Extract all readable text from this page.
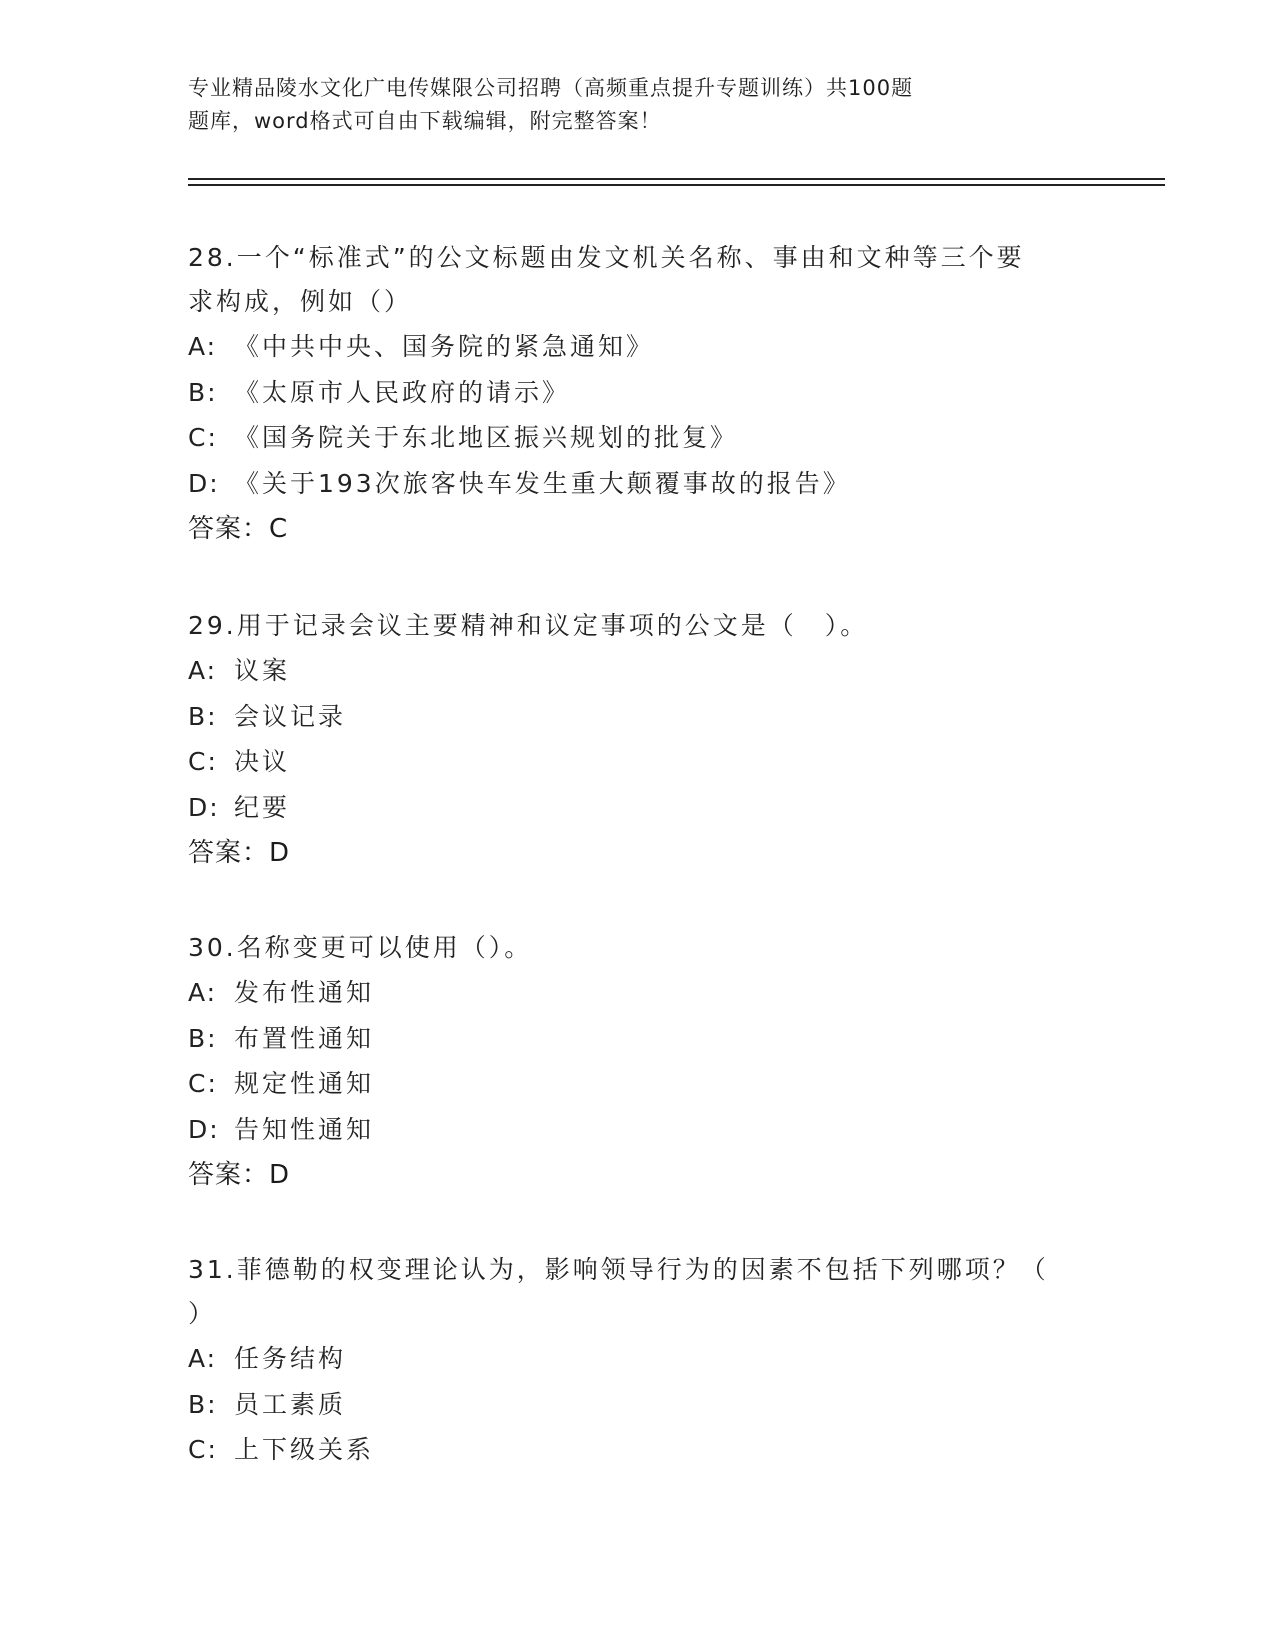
专业精品陵水文化广电传媒限公司招聘（高频重点提升专题训练）共100题
题库，word格式可自由下载编辑，附完整答案！
28.一个“标准式”的公文标题由发文机关名称、事由和文种等三个要
求构成，例如（）
A: 《中共中央、国务院的紧急通知》
B: 《太原市人民政府的请示》
C: 《国务院关于东北地区振兴规划的批复》
D: 《关于193次旅客快车发生重大颠覆事故的报告》
答案：C
29.用于记录会议主要精神和议定事项的公文是（　）。
A: 议案
B: 会议记录
C: 决议
D: 纪要
答案：D
30.名称变更可以使用（）。
A: 发布性通知
B: 布置性通知
C: 规定性通知
D: 告知性通知
答案：D
31.菲德勒的权变理论认为，影响领导行为的因素不包括下列哪项？（
）
A: 任务结构
B: 员工素质
C: 上下级关系
